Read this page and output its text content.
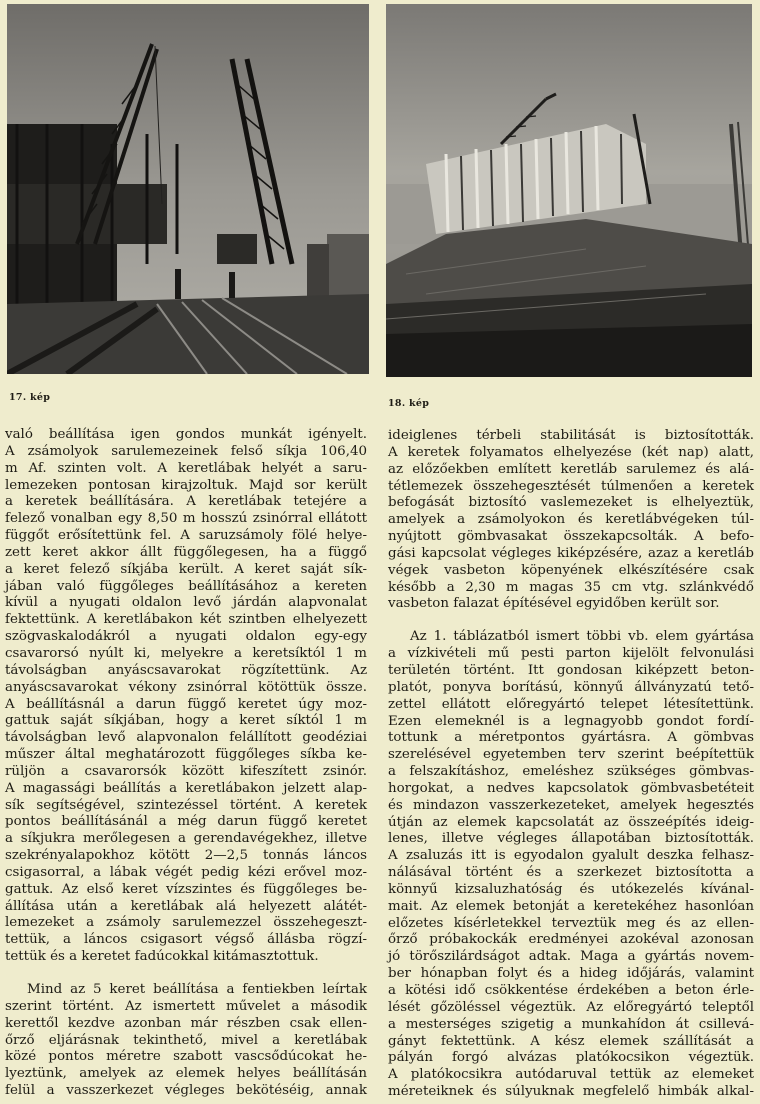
17. kép
18. kép

való beállítása igen gondos munkát igényelt.
A zsámolyok sarulemezeinek felső síkja 106,40
m Af. szinten volt. A keretlábak helyét a saru-
lemezeken pontosan kirajzoltuk. Majd sor került
a keretek beállítására. A keretlábak tetejére a
felező vonalban egy 8,50 m hosszú zsinórral ellátott
függőt erősítettünk fel. A saruzsámoly fölé helye-
zett keret akkor állt függőlegesen, ha a függő
a keret felező síkjába került. A keret saját sík-
jában való függőleges beállításához a kereten
kívül a nyugati oldalon levő járdán alapvonalat
fektettünk. A keretlábakon két szintben elhelyezett
szögvaskalodákról a nyugati oldalon egy-egy
csavarorsó nyúlt ki, melyekre a keretsíktól 1 m
távolságban anyáscsavarokat rögzítettünk. Az
anyáscsavarokat vékony zsinórral kötöttük össze.
A beállításnál a darun függő keretet úgy moz-
gattuk saját síkjában, hogy a keret síktól 1 m
távolságban levő alapvonalon felállított geodéziai
műszer által meghatározott függőleges síkba ke-
rüljön a csavarorsók között kifeszített zsinór.
A magassági beállítás a keretlábakon jelzett alap-
sík segítségével, szintezéssel történt. A keretek
pontos beállításánál a még darun függő keretet
a síkjukra merőlegesen a gerendavégekhez, illetve
szekrényalapokhoz kötött 2—2,5 tonnás láncos
csigasorral, a lábak végét pedig kézi erővel moz-
gattuk. Az első keret vízszintes és függőleges be-
állítása után a keretlábak alá helyezett alátét-
lemezeket a zsámoly sarulemezzel összehegeszt-
tettük, a láncos csigasort végső állásba rögzí-
tettük és a keretet fadúcokkal kitámasztottuk.

Mind az 5 keret beállítása a fentiekben leírtak
szerint történt. Az ismertett művelet a második
kerettől kezdve azonban már részben csak ellen-
őrző eljárásnak tekinthető, mivel a keretlábak
közé pontos méretre szabott vascsődúcokat he-
lyeztünk, amelyek az elemek helyes beállításán
felül a vasszerkezet végleges bekötéséig, annak

ideiglenes térbeli stabilitását is biztosították.
A keretek folyamatos elhelyezése (két nap) alatt,
az előzőekben említett keretláb sarulemez és alá-
tétlemezek összehegesztését túlmenően a keretek
befogását biztosító vaslemezeket is elhelyeztük,
amelyek a zsámolyokon és keretlábvégeken túl-
nyújtott gömbvasakat összekapcsolták. A befo-
gási kapcsolat végleges kiképzésére, azaz a keretláb
végek vasbeton köpenyének elkészítésére csak
később a 2,30 m magas 35 cm vtg. szlánkvédő
vasbeton falazat építésével egyidőben került sor.

Az 1. táblázatból ismert többi vb. elem gyártása
a vízkivételi mű pesti parton kijelölt felvonulási
területén történt. Itt gondosan kiképzett beton-
platót, ponyva borítású, könnyű állványzatú tető-
zettel ellátott előregyártó telepet létesítettünk.
Ezen elemeknél is a legnagyobb gondot fordí-
tottunk a méretpontos gyártásra. A gömbvas
szerelésével egyetemben terv szerint beépítettük
a felszakításhoz, emeléshez szükséges gömbvas-
horgokat, a nedves kapcsolatok gömbvasbetéteit
és mindazon vasszerkezeteket, amelyek hegesztés
útján az elemek kapcsolatát az összeépítés ideig-
lenes, illetve végleges állapotában biztosították.
A zsaluzás itt is egyodalon gyalult deszka felhasz-
nálásával történt és a szerkezet biztosította a
könnyű kizsaluzhatóság és utókezelés kívánal-
mait. Az elemek betonját a keretekéhez hasonlóan
előzetes kísérletekkel terveztük meg és az ellen-
őrző próbakockák eredményei azokéval azonosan
jó törőszilárdságot adtak. Maga a gyártás novem-
ber hónapban folyt és a hideg időjárás, valamint
a kötési idő csökkentése érdekében a beton érle-
lését gőzöléssel végeztük. Az előregyártó teleptől
a mesterséges szigetig a munkahídon át csillevá-
gányt fektettünk. A kész elemek szállítását a
pályán forgó alvázas platókocsikon végeztük.
A platókocsikra autódaruval tettük az elemeket
méreteiknek és súlyuknak megfelelő himbák alkal-
